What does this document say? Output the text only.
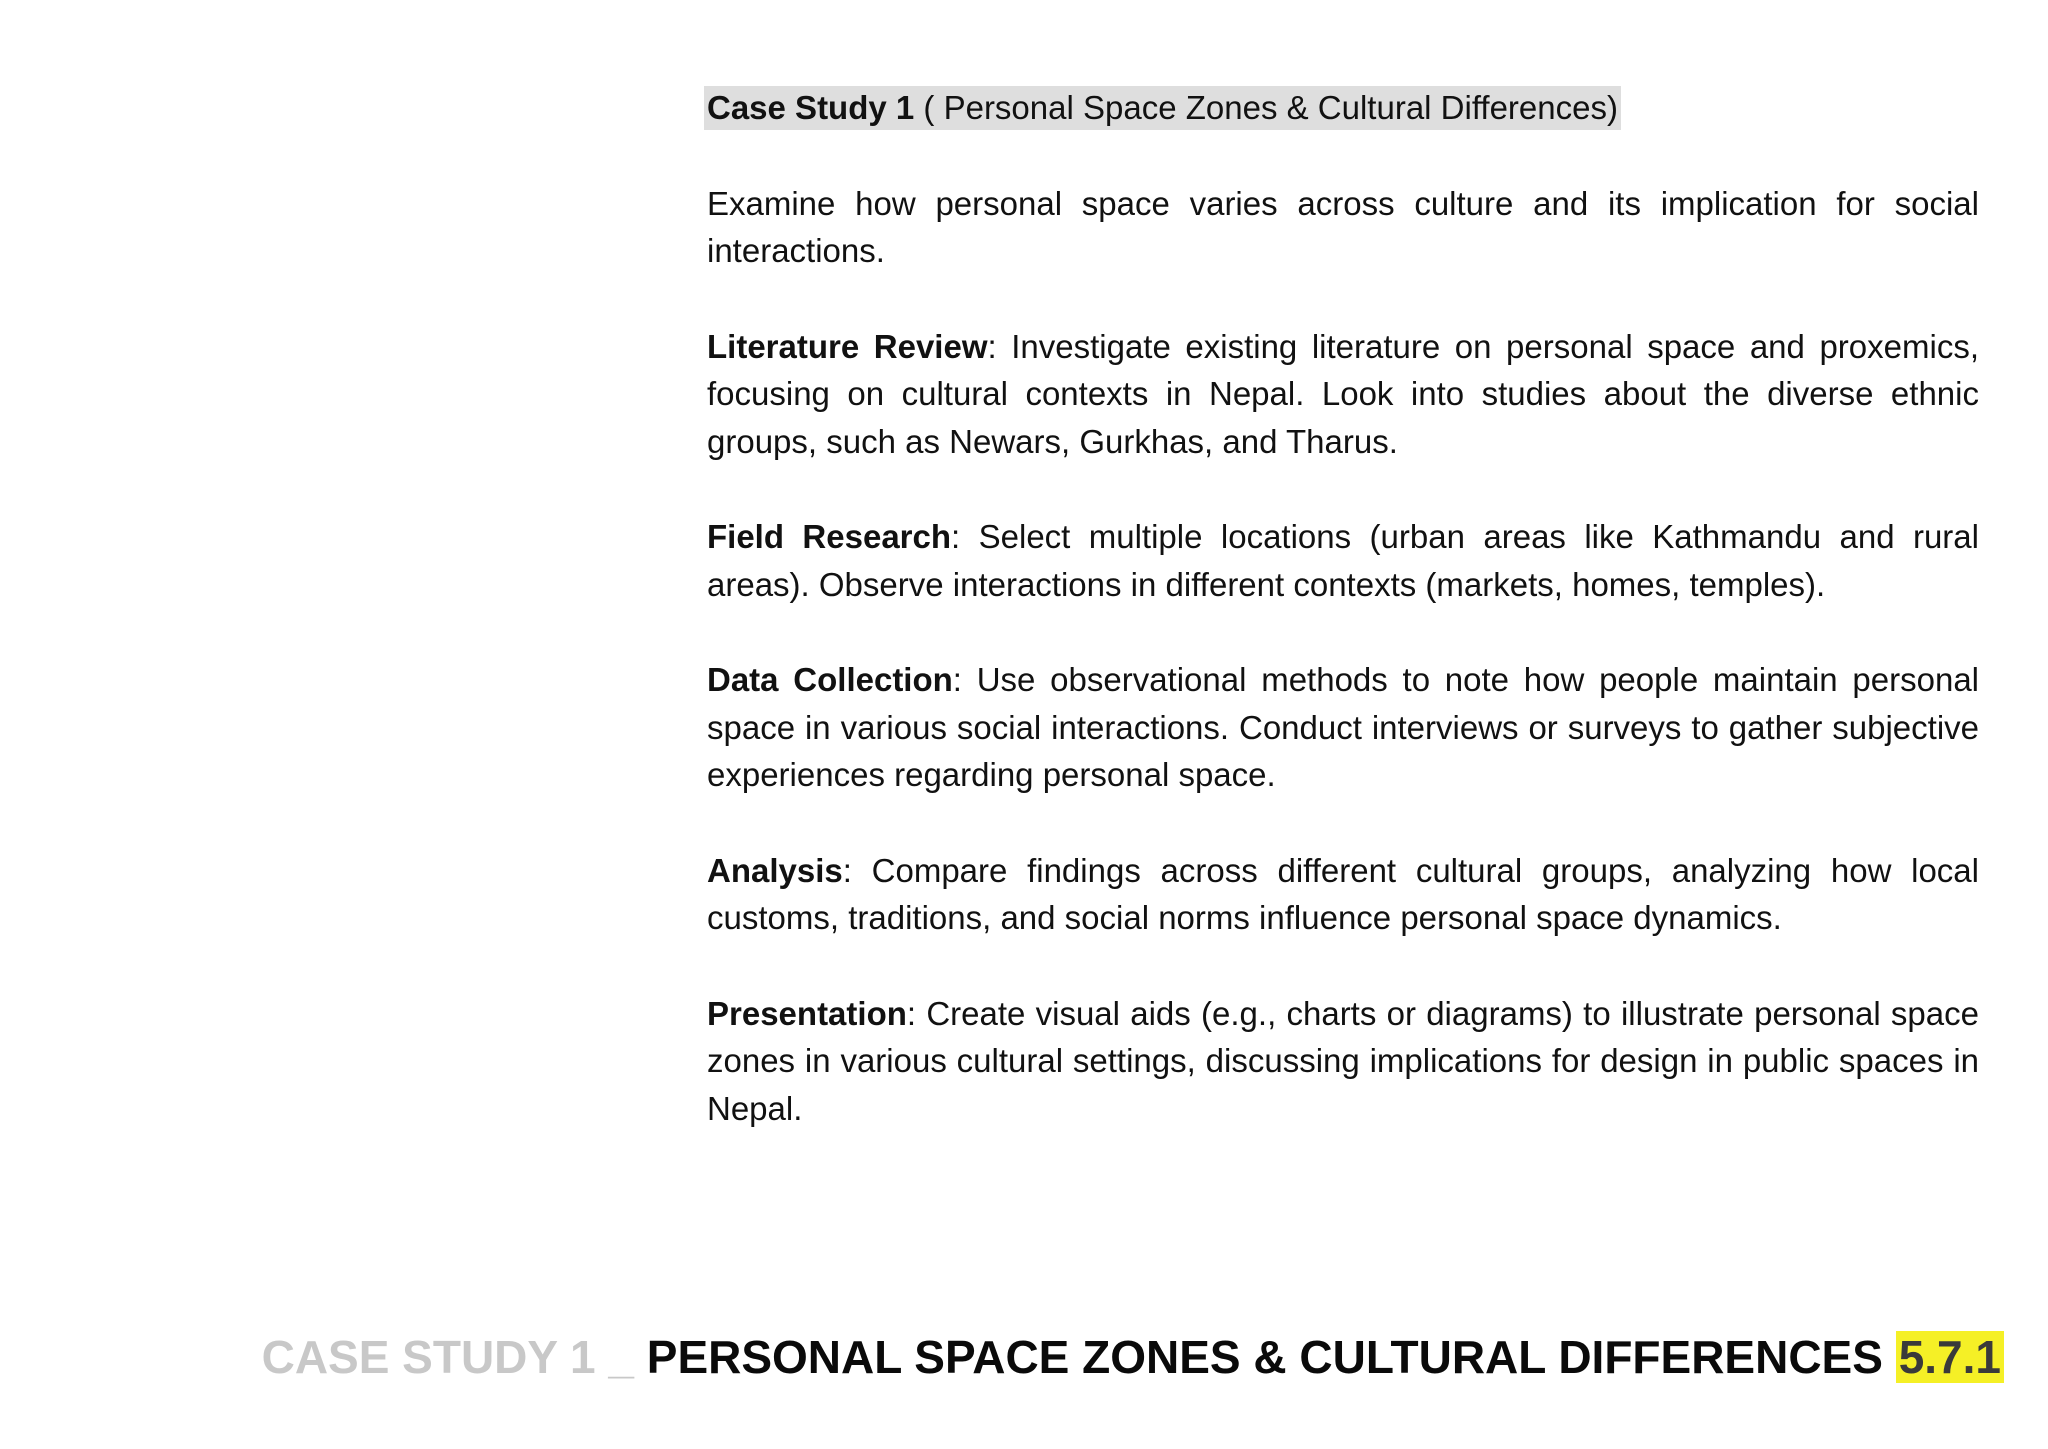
Case Study 1 ( Personal Space Zones & Cultural Differences)

Examine how personal space varies across culture and its implication for social interactions.

Literature Review: Investigate existing literature on personal space and proxemics, focusing on cultural contexts in Nepal. Look into studies about the diverse ethnic groups, such as Newars, Gurkhas, and Tharus.

Field Research: Select multiple locations (urban areas like Kathmandu and rural areas). Observe interactions in different contexts (markets, homes, temples).

Data Collection: Use observational methods to note how people maintain personal space in various social interactions. Conduct interviews or surveys to gather subjective experiences regarding personal space.

Analysis: Compare findings across different cultural groups, analyzing how local customs, traditions, and social norms influence personal space dynamics.

Presentation: Create visual aids (e.g., charts or diagrams) to illustrate personal space zones in various cultural settings, discussing implications for design in public spaces in Nepal.

CASE STUDY 1 _ PERSONAL SPACE ZONES & CULTURAL DIFFERENCES 5.7.1
